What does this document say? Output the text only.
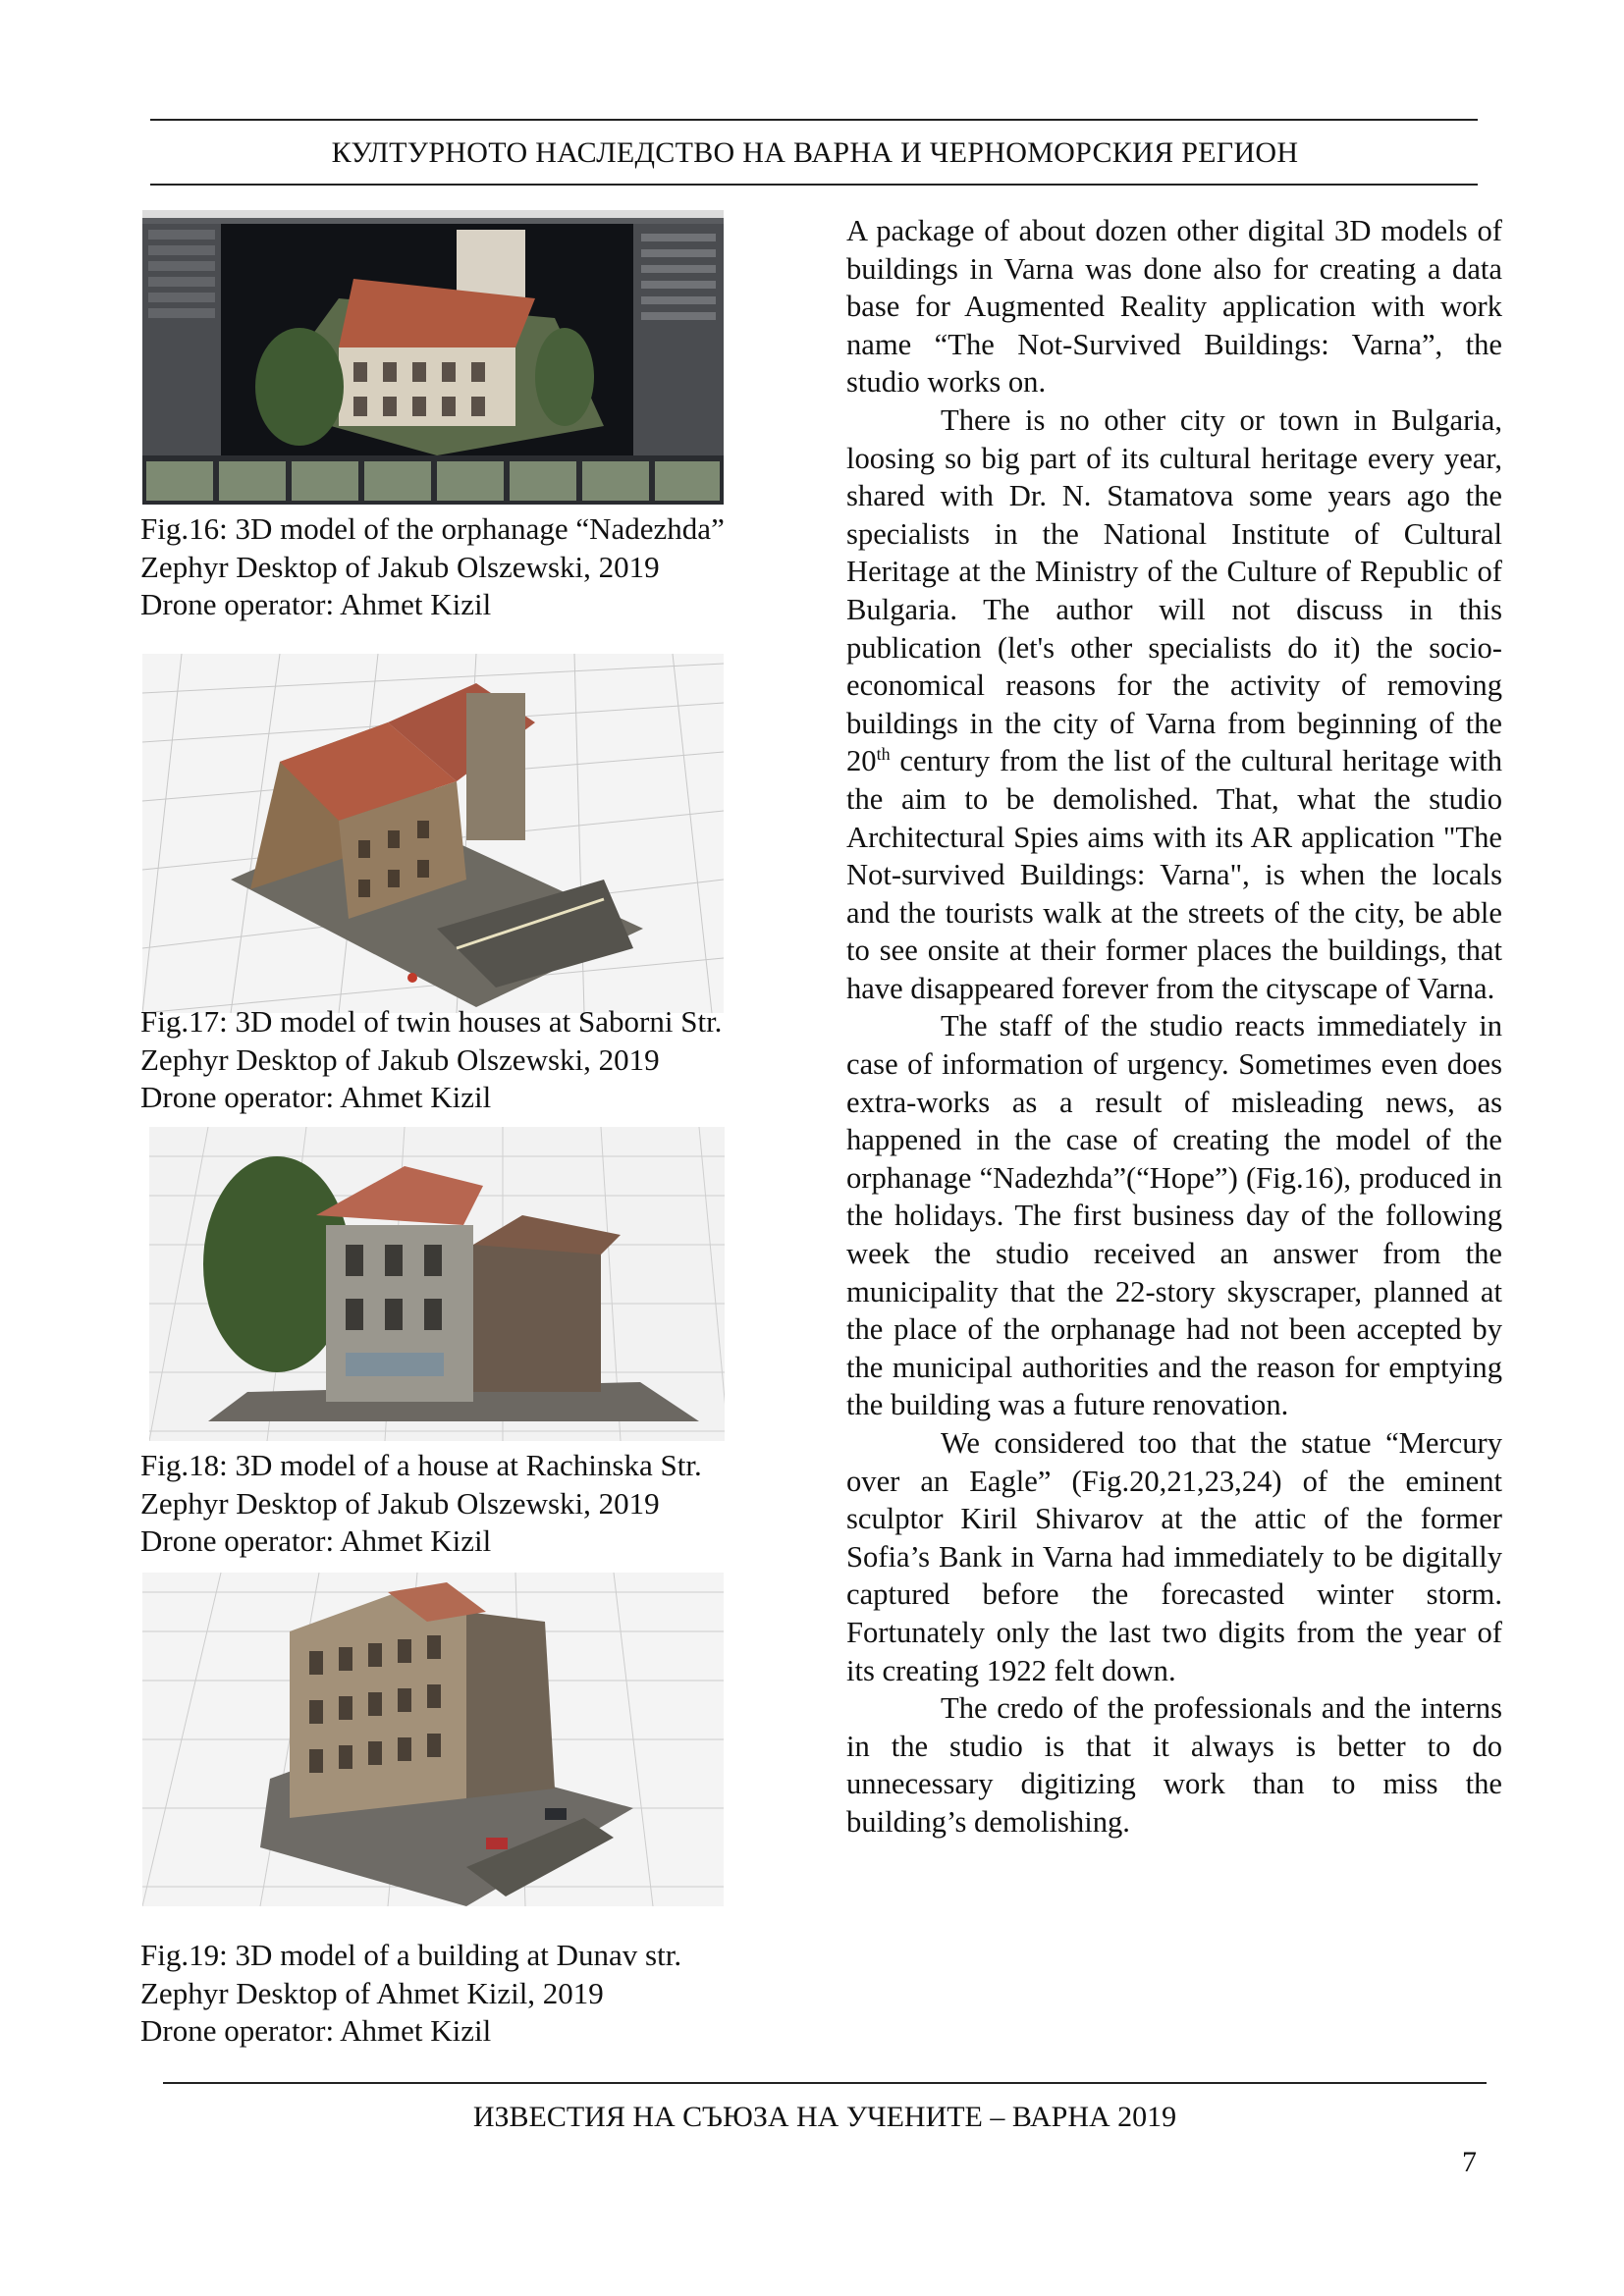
КУЛТУРНОТО НАСЛЕДСТВО НА ВАРНА И ЧЕРНОМОРСКИЯ РЕГИОН
Fig.16: 3D model of the orphanage “Nadezhda”
Zephyr Desktop of Jakub Olszewski, 2019
Drone operator: Ahmet Kizil
Fig.17: 3D model of twin houses at Saborni Str.
Zephyr Desktop of Jakub Olszewski, 2019
Drone operator: Ahmet Kizil
Fig.18: 3D model of a house at Rachinska Str.
Zephyr Desktop of Jakub Olszewski, 2019
Drone operator: Ahmet Kizil
Fig.19: 3D model of a building at Dunav str.
Zephyr Desktop of Ahmet Kizil, 2019
Drone operator: Ahmet Kizil

A package of about dozen other digital 3D models of buildings in Varna was done also for creating a data base for Augmented Reality application with work name “The Not-Survived Buildings: Varna”, the studio works on.

There is no other city or town in Bulgaria, loosing so big part of its cultural heritage every year, shared with Dr. N. Stamatova some years ago the specialists in the National Institute of Cultural Heritage at the Ministry of the Culture of Republic of Bulgaria. The author will not discuss in this publication (let's other specialists do it) the socio-economical reasons for the activity of removing buildings in the city of Varna from beginning of the 20th century from the list of the cultural heritage with the aim to be demolished. That, what the studio Architectural Spies aims with its AR application "The Not-survived Buildings: Varna", is when the locals and the tourists walk at the streets of the city, be able to see onsite at their former places the buildings, that have disappeared forever from the cityscape of Varna.

The staff of the studio reacts immediately in case of information of urgency. Sometimes even does extra-works as a result of misleading news, as happened in the case of creating the model of the orphanage “Nadezhda”(“Hope”) (Fig.16), produced in the holidays. The first business day of the following week the studio received an answer from the municipality that the 22-story skyscraper, planned at the place of the orphanage had not been accepted by the municipal authorities and the reason for emptying the building was a future renovation.

We considered too that the statue “Mercury over an Eagle” (Fig.20,21,23,24) of the eminent sculptor Kiril Shivarov at the attic of the former Sofia’s Bank in Varna had immediately to be digitally captured before the forecasted winter storm. Fortunately only the last two digits from the year of its creating 1922 felt down.

The credo of the professionals and the interns in the studio is that it always is better to do unnecessary digitizing work than to miss the building’s demolishing.

ИЗВЕСТИЯ НА СЪЮЗА НА УЧЕНИТЕ – ВАРНА 2019
7
